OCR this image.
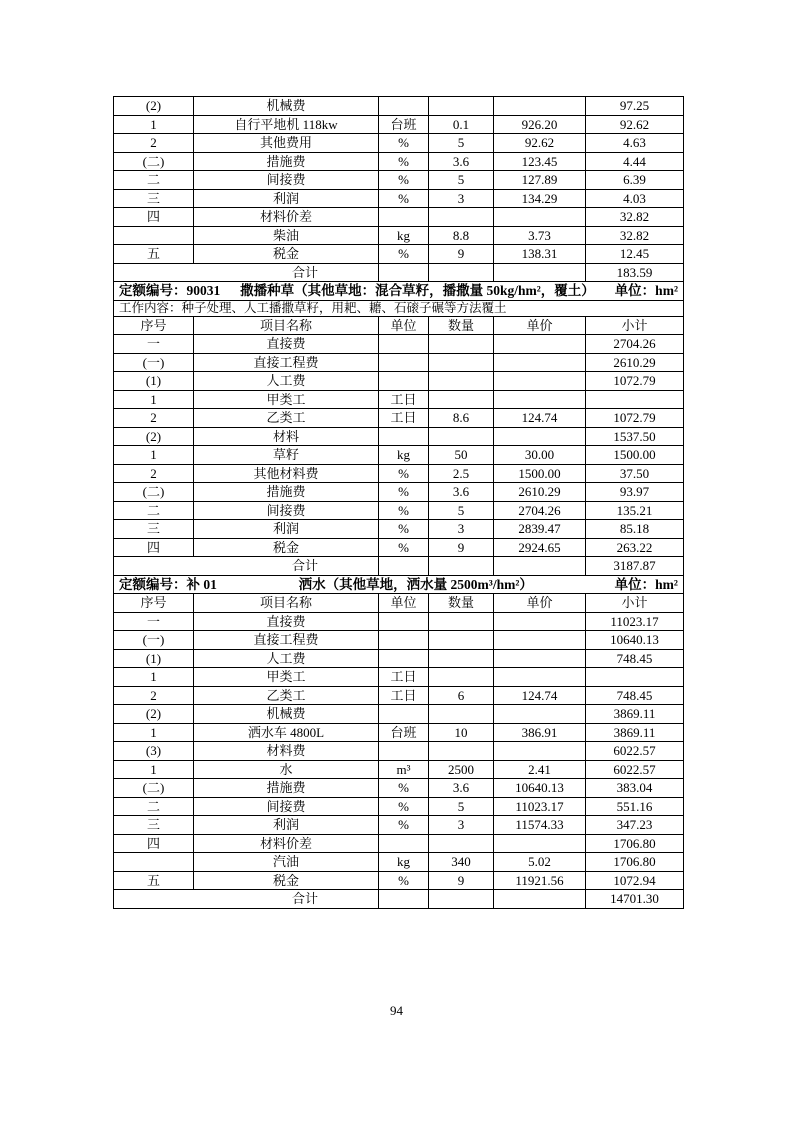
(2)	机械费				97.25
1	自行平地机 118kw	台班	0.1	926.20	92.62
2	其他费用	%	5	92.62	4.63
(二)	措施费	%	3.6	123.45	4.44
二	间接费	%	5	127.89	6.39
三	利润	%	3	134.29	4.03
四	材料价差				32.82
	柴油	kg	8.8	3.73	32.82
五	税金	%	9	138.31	12.45
合计					183.59

定额编号：90031 撒播种草（其他草地：混合草籽，播撒量 50kg/hm²，覆土） 单位：hm²					

工作内容：种子处理、人工播撒草籽，用耙、耱、石磙子碾等方法覆土					
序号	项目名称	单位	数量	单价	小计
一	直接费				2704.26
(一)	直接工程费				2610.29
(1)	人工费				1072.79
1	甲类工	工日			
2	乙类工	工日	8.6	124.74	1072.79
(2)	材料				1537.50
1	草籽	kg	50	30.00	1500.00
2	其他材料费	%	2.5	1500.00	37.50
(二)	措施费	%	3.6	2610.29	93.97
二	间接费	%	5	2704.26	135.21
三	利润	%	3	2839.47	85.18
四	税金	%	9	2924.65	263.22
合计					3187.87

定额编号：补 01 洒水（其他草地，洒水量 2500m³/hm²） 单位：hm²					

序号	项目名称	单位	数量	单价	小计
一	直接费				11023.17
(一)	直接工程费				10640.13
(1)	人工费				748.45
1	甲类工	工日			
2	乙类工	工日	6	124.74	748.45
(2)	机械费				3869.11
1	洒水车 4800L	台班	10	386.91	3869.11
(3)	材料费				6022.57
1	水	m³	2500	2.41	6022.57
(二)	措施费	%	3.6	10640.13	383.04
二	间接费	%	5	11023.17	551.16
三	利润	%	3	11574.33	347.23
四	材料价差				1706.80
	汽油	kg	340	5.02	1706.80
五	税金	%	9	11921.56	1072.94
合计					14701.30
94
